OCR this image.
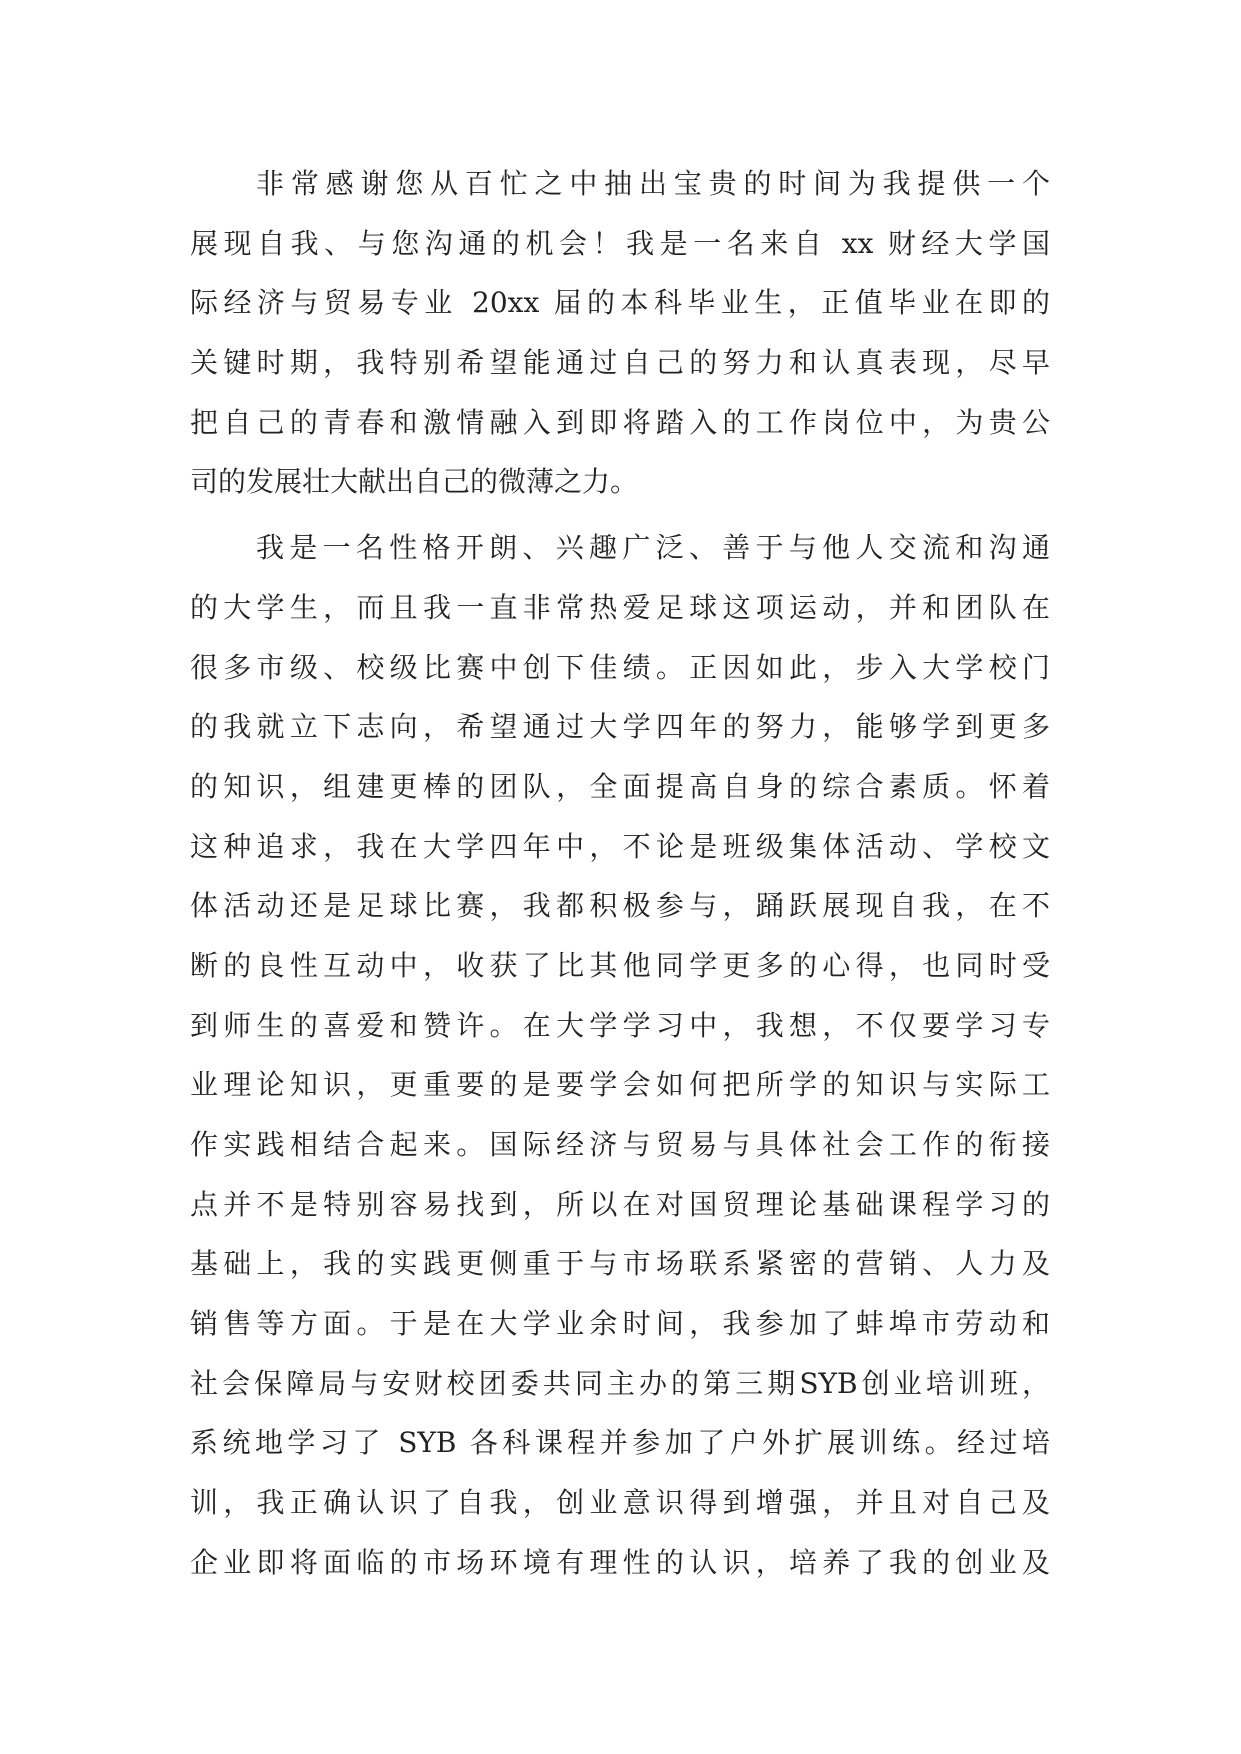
非常感谢您从百忙之中抽出宝贵的时间为我提供一个
展现自我、与您沟通的机会！我是一名来自 xx 财经大学国
际经济与贸易专业 20xx 届的本科毕业生，正值毕业在即的
关键时期，我特别希望能通过自己的努力和认真表现，尽早
把自己的青春和激情融入到即将踏入的工作岗位中，为贵公
司的发展壮大献出自己的微薄之力。
我是一名性格开朗、兴趣广泛、善于与他人交流和沟通
的大学生，而且我一直非常热爱足球这项运动，并和团队在
很多市级、校级比赛中创下佳绩。正因如此，步入大学校门
的我就立下志向，希望通过大学四年的努力，能够学到更多
的知识，组建更棒的团队，全面提高自身的综合素质。怀着
这种追求，我在大学四年中，不论是班级集体活动、学校文
体活动还是足球比赛，我都积极参与，踊跃展现自我，在不
断的良性互动中，收获了比其他同学更多的心得，也同时受
到师生的喜爱和赞许。在大学学习中，我想，不仅要学习专
业理论知识，更重要的是要学会如何把所学的知识与实际工
作实践相结合起来。国际经济与贸易与具体社会工作的衔接
点并不是特别容易找到，所以在对国贸理论基础课程学习的
基础上，我的实践更侧重于与市场联系紧密的营销、人力及
销售等方面。于是在大学业余时间，我参加了蚌埠市劳动和
社会保障局与安财校团委共同主办的第三期SYB创业培训班，
系统地学习了 SYB 各科课程并参加了户外扩展训练。经过培
训，我正确认识了自我，创业意识得到增强，并且对自己及
企业即将面临的市场环境有理性的认识，培养了我的创业及
